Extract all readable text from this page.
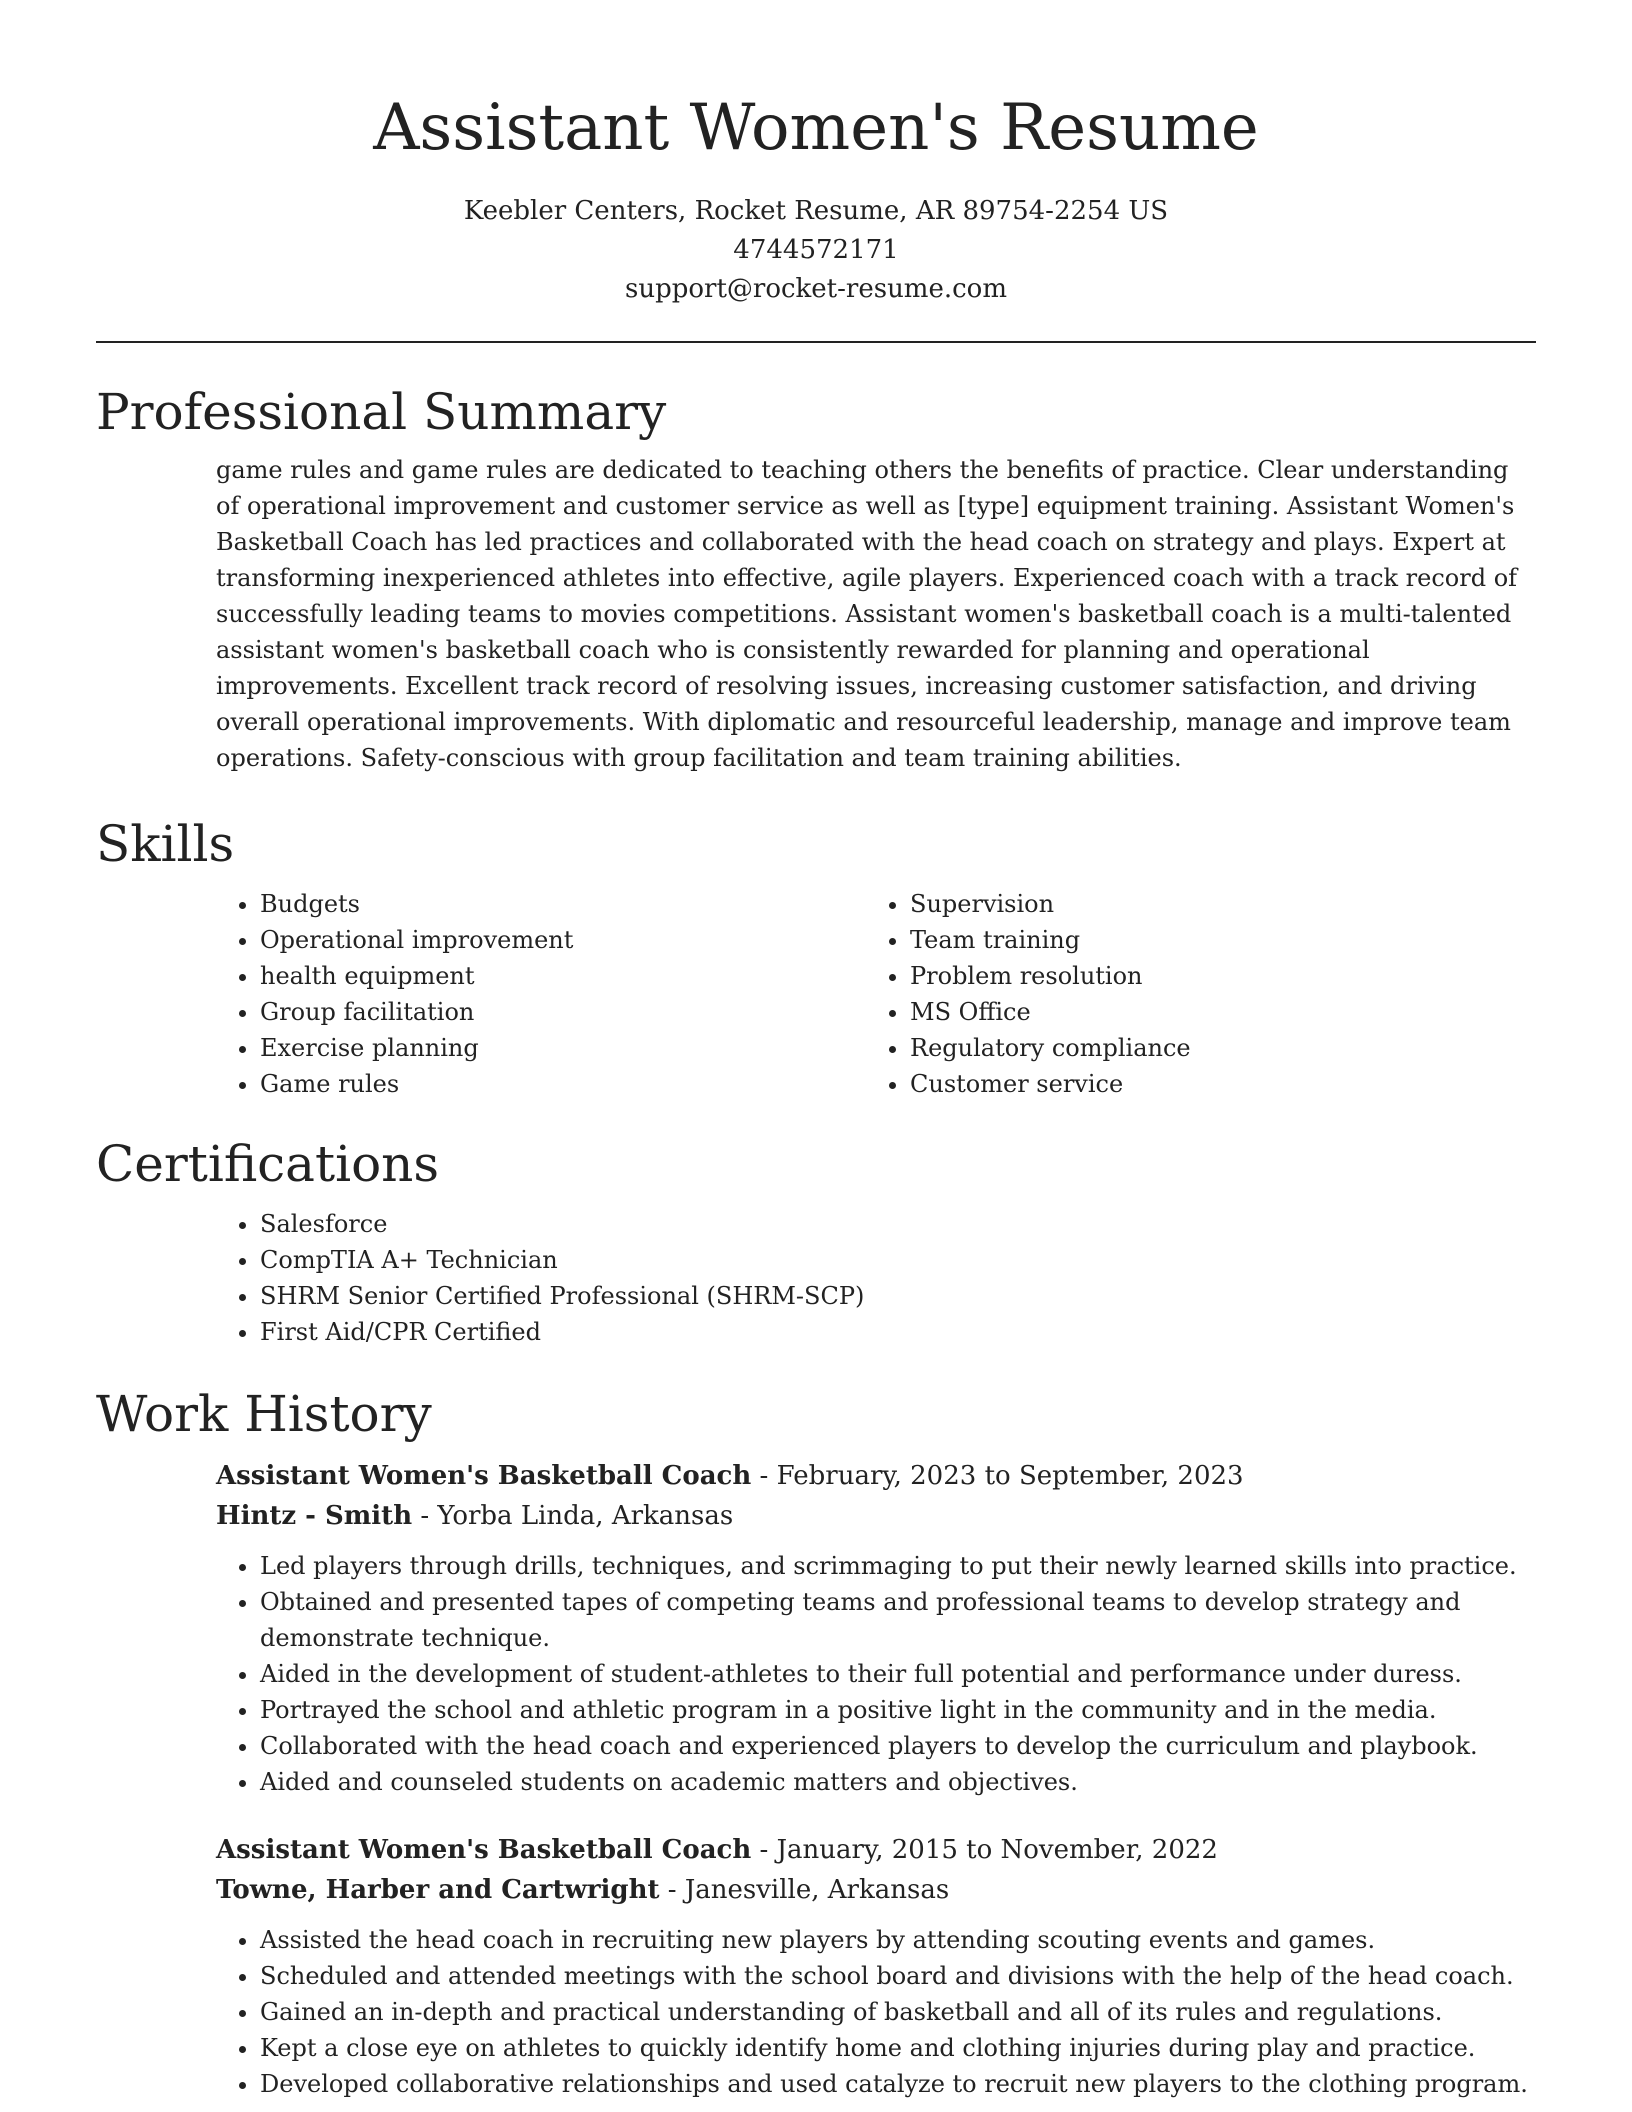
Assistant Women's Resume
Keebler Centers, Rocket Resume, AR 89754-2254 US
4744572171
support@rocket-resume.com
Professional Summary
game rules and game rules are dedicated to teaching others the benefits of practice. Clear understanding of operational improvement and customer service as well as [type] equipment training. Assistant Women's Basketball Coach has led practices and collaborated with the head coach on strategy and plays. Expert at transforming inexperienced athletes into effective, agile players. Experienced coach with a track record of successfully leading teams to movies competitions. Assistant women's basketball coach is a multi-talented assistant women's basketball coach who is consistently rewarded for planning and operational improvements. Excellent track record of resolving issues, increasing customer satisfaction, and driving overall operational improvements. With diplomatic and resourceful leadership, manage and improve team operations. Safety-conscious with group facilitation and team training abilities.
Skills
• Budgets
• Operational improvement
• health equipment
• Group facilitation
• Exercise planning
• Game rules
• Supervision
• Team training
• Problem resolution
• MS Office
• Regulatory compliance
• Customer service
Certifications
• Salesforce
• CompTIA A+ Technician
• SHRM Senior Certified Professional (SHRM-SCP)
• First Aid/CPR Certified
Work History
Assistant Women's Basketball Coach - February, 2023 to September, 2023
Hintz - Smith - Yorba Linda, Arkansas
• Led players through drills, techniques, and scrimmaging to put their newly learned skills into practice.
• Obtained and presented tapes of competing teams and professional teams to develop strategy and demonstrate technique.
• Aided in the development of student-athletes to their full potential and performance under duress.
• Portrayed the school and athletic program in a positive light in the community and in the media.
• Collaborated with the head coach and experienced players to develop the curriculum and playbook.
• Aided and counseled students on academic matters and objectives.
Assistant Women's Basketball Coach - January, 2015 to November, 2022
Towne, Harber and Cartwright - Janesville, Arkansas
• Assisted the head coach in recruiting new players by attending scouting events and games.
• Scheduled and attended meetings with the school board and divisions with the help of the head coach.
• Gained an in-depth and practical understanding of basketball and all of its rules and regulations.
• Kept a close eye on athletes to quickly identify home and clothing injuries during play and practice.
• Developed collaborative relationships and used catalyze to recruit new players to the clothing program.
